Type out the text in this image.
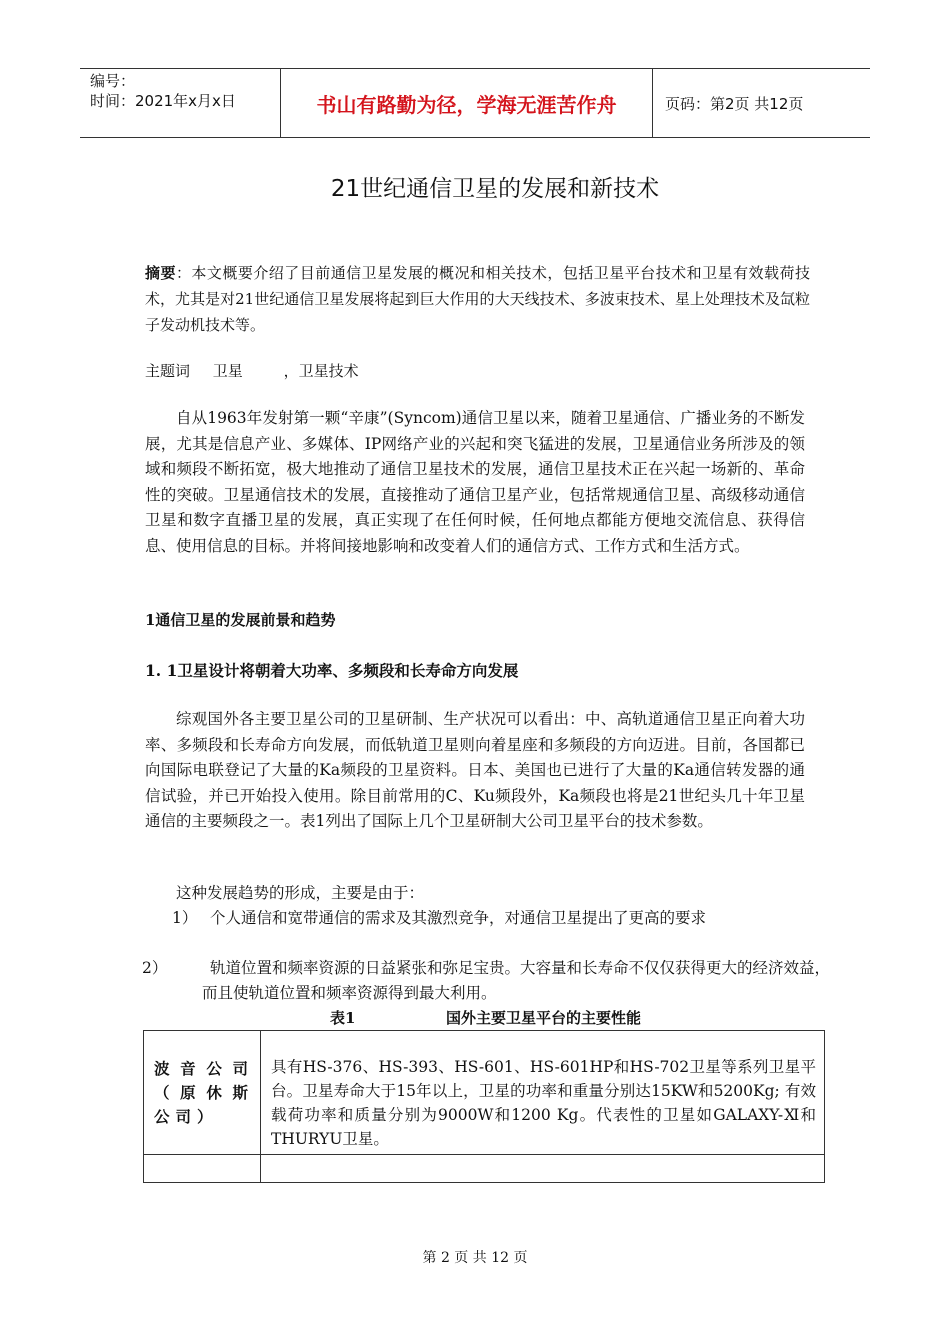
编号：
时间：2021年x月x日	书山有路勤为径，学海无涯苦作舟	页码：第2页 共12页
21世纪通信卫星的发展和新技术
摘要：本文概要介绍了目前通信卫星发展的概况和相关技术，包括卫星平台技术和卫星有效载荷技术，尤其是对21世纪通信卫星发展将起到巨大作用的大天线技术、多波束技术、星上处理技术及氙粒子发动机技术等。
主题词 卫星	，卫星技术
自从1963年发射第一颗“辛康”(Syncom)通信卫星以来，随着卫星通信、广播业务的不断发展，尤其是信息产业、多媒体、IP网络产业的兴起和突飞猛进的发展，卫星通信业务所涉及的领域和频段不断拓宽，极大地推动了通信卫星技术的发展，通信卫星技术正在兴起一场新的、革命性的突破。卫星通信技术的发展，直接推动了通信卫星产业，包括常规通信卫星、高级移动通信卫星和数字直播卫星的发展，真正实现了在任何时候，任何地点都能方便地交流信息、获得信息、使用信息的目标。并将间接地影响和改变着人们的通信方式、工作方式和生活方式。
1通信卫星的发展前景和趋势
1. 1卫星设计将朝着大功率、多频段和长寿命方向发展
综观国外各主要卫星公司的卫星研制、生产状况可以看出：中、高轨道通信卫星正向着大功率、多频段和长寿命方向发展，而低轨道卫星则向着星座和多频段的方向迈进。目前，各国都已向国际电联登记了大量的Ka频段的卫星资料。日本、美国也已进行了大量的Ka通信转发器的通信试验，并已开始投入使用。除目前常用的C、Ku频段外，Ka频段也将是21世纪头几十年卫星通信的主要频段之一。表1列出了国际上几个卫星研制大公司卫星平台的技术参数。
这种发展趋势的形成，主要是由于：
1） 个人通信和宽带通信的需求及其激烈竞争，对通信卫星提出了更高的要求
2）	轨道位置和频率资源的日益紧张和弥足宝贵。大容量和长寿命不仅仅获得更大的经济效益，而且使轨道位置和频率资源得到最大利用。
表1	国外主要卫星平台的主要性能
波音公司（原休斯公司）	具有HS-376、HS-393、HS-601、HS-601HP和HS-702卫星等系列卫星平台。卫星寿命大于15年以上，卫星的功率和重量分别达15KW和5200Kg; 有效载荷功率和质量分别为9000W和1200 Kg。代表性的卫星如GALAXY-Ⅺ和THURYU卫星。

第 2 页 共 12 页
